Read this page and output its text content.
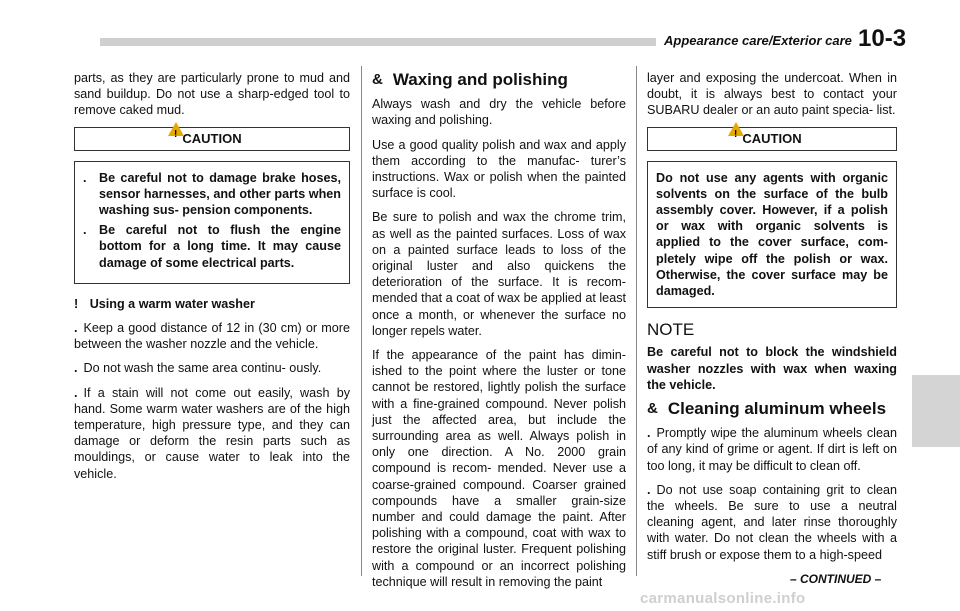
Appearance care/Exterior care 10-3

parts, as they are particularly prone to mud and sand buildup. Do not use a sharp-edged tool to remove caked mud.

!
CAUTION
. Be careful not to damage brake hoses, sensor harnesses, and other parts when washing sus- pension components.
. Be careful not to flush the engine bottom for a long time. It may cause damage of some electrical parts.
! Using a warm water washer

. Keep a good distance of 12 in (30 cm) or more between the washer nozzle and the vehicle.

. Do not wash the same area continu- ously.

. If a stain will not come out easily, wash by hand. Some warm water washers are of the high temperature, high pressure type, and they can damage or deform the resin parts such as mouldings, or cause water to leak into the vehicle.

& Waxing and polishing

Always wash and dry the vehicle before waxing and polishing.

Use a good quality polish and wax and apply them according to the manufac- turer’s instructions. Wax or polish when the painted surface is cool.

Be sure to polish and wax the chrome trim, as well as the painted surfaces. Loss of wax on a painted surface leads to loss of the original luster and also quickens the deterioration of the surface. It is recom- mended that a coat of wax be applied at least once a month, or whenever the surface no longer repels water.

If the appearance of the paint has dimin- ished to the point where the luster or tone cannot be restored, lightly polish the surface with a fine-grained compound. Never polish just the affected area, but include the surrounding area as well. Always polish in only one direction. A No. 2000 grain compound is recom- mended. Never use a coarse-grained compound. Coarser grained compounds have a smaller grain-size number and could damage the paint. After polishing with a compound, coat with wax to restore the original luster. Frequent polishing with a compound or an incorrect polishing technique will result in removing the paint

layer and exposing the undercoat. When in doubt, it is always best to contact your SUBARU dealer or an auto paint specia- list.

!
CAUTION
Do not use any agents with organic solvents on the surface of the bulb assembly cover. However, if a polish or wax with organic solvents is applied to the cover surface, com- pletely wipe off the polish or wax. Otherwise, the cover surface may be damaged.
NOTE

Be careful not to block the windshield washer nozzles with wax when waxing the vehicle.

& Cleaning aluminum wheels

. Promptly wipe the aluminum wheels clean of any kind of grime or agent. If dirt is left on too long, it may be difficult to clean off.

. Do not use soap containing grit to clean the wheels. Be sure to use a neutral cleaning agent, and later rinse thoroughly with water. Do not clean the wheels with a stiff brush or expose them to a high-speed

– CONTINUED –
carmanualsonline.info
